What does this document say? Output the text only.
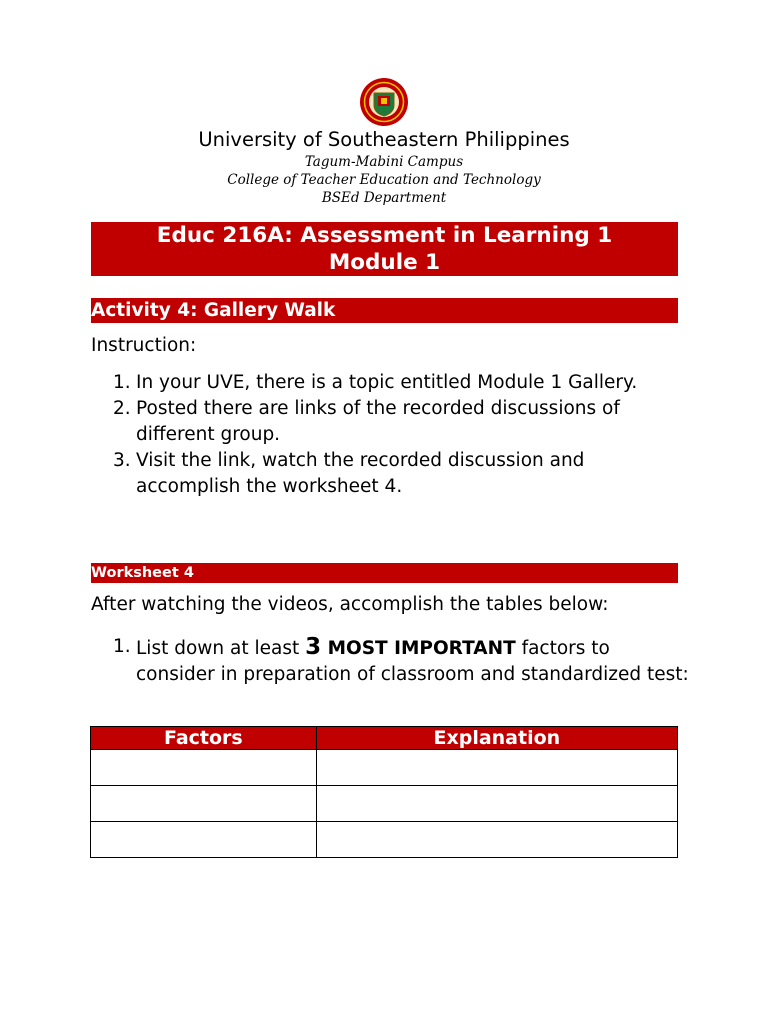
University of Southeastern Philippines
Tagum-Mabini Campus
College of Teacher Education and Technology
BSEd Department
Educ 216A: Assessment in Learning 1
Module 1
Activity 4: Gallery Walk
Instruction:
1. In your UVE, there is a topic entitled Module 1 Gallery.
2. Posted there are links of the recorded discussions of different group.
3. Visit the link, watch the recorded discussion and accomplish the worksheet 4.
Worksheet 4
After watching the videos, accomplish the tables below:
1. List down at least 3 MOST IMPORTANT factors to consider in preparation of classroom and standardized test:
Factors	Explanation
